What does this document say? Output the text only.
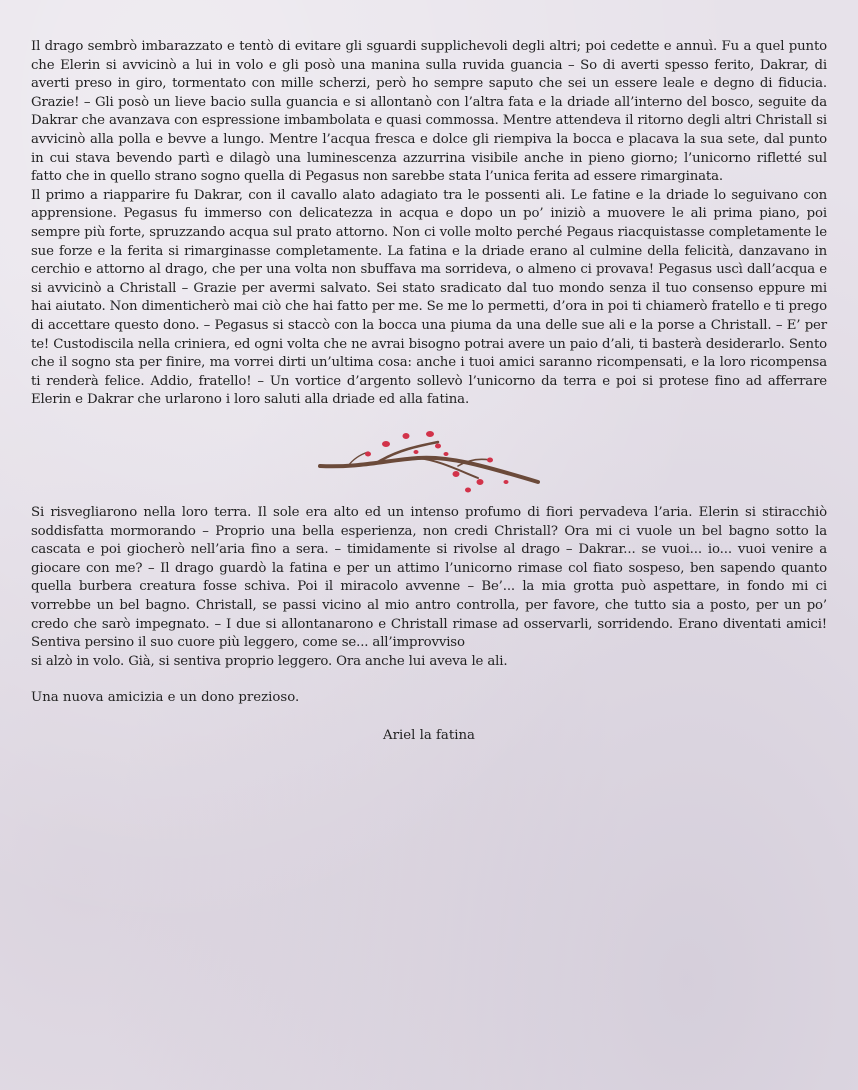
Il drago sembrò imbarazzato e tentò di evitare gli sguardi supplichevoli degli altri; poi cedette e annuì. Fu a quel punto che Elerin si avvicinò a lui in volo e gli posò una manina sulla ruvida guancia – So di averti spesso ferito, Dakrar, di averti preso in giro, tormentato con mille scherzi, però ho sempre saputo che sei un essere leale e degno di fiducia. Grazie! – Gli posò un lieve bacio sulla guancia e si allontanò con l’altra fata e la driade all’interno del bosco, seguite da Dakrar che avanzava con espressione imbambolata e quasi commossa. Mentre attendeva il ritorno degli altri Christall si avvicinò alla polla e bevve a lungo. Mentre l’acqua fresca e dolce gli riempiva la bocca e placava la sua sete, dal punto in cui stava bevendo partì e dilagò una luminescenza azzurrina visibile anche in pieno giorno; l’unicorno rifletté sul fatto che in quello strano sogno quella di Pegasus non sarebbe stata l’unica ferita ad essere rimarginata.

Il primo a riapparire fu Dakrar, con il cavallo alato adagiato tra le possenti ali. Le fatine e la driade lo seguivano con apprensione. Pegasus fu immerso con delicatezza in acqua e dopo un po’ iniziò a muovere le ali prima piano, poi sempre più forte, spruzzando acqua sul prato attorno. Non ci volle molto perché Pegaus riacquistasse completamente le sue forze e la ferita si rimarginasse completamente. La fatina e la driade erano al culmine della felicità, danzavano in cerchio e attorno al drago, che per una volta non sbuffava ma sorrideva, o almeno ci provava! Pegasus uscì dall’acqua e si avvicinò a Christall – Grazie per avermi salvato. Sei stato sradicato dal tuo mondo senza il tuo consenso eppure mi hai aiutato. Non dimenticherò mai ciò che hai fatto per me. Se me lo permetti, d’ora in poi ti chiamerò fratello e ti prego di accettare questo dono. – Pegasus si staccò con la bocca una piuma da una delle sue ali e la porse a Christall. – E’ per te! Custodiscila nella criniera, ed ogni volta che ne avrai bisogno potrai avere un paio d’ali, ti basterà desiderarlo. Sento che il sogno sta per finire, ma vorrei dirti un’ultima cosa: anche i tuoi amici saranno ricompensati, e la loro ricompensa ti renderà felice. Addio, fratello! – Un vortice d’argento sollevò l’unicorno da terra e poi si protese fino ad afferrare Elerin e Dakrar che urlarono i loro saluti alla driade ed alla fatina.

Si risvegliarono nella loro terra. Il sole era alto ed un intenso profumo di fiori pervadeva l’aria. Elerin si stiracchiò soddisfatta mormorando – Proprio una bella esperienza, non credi Christall? Ora mi ci vuole un bel bagno sotto la cascata e poi giocherò nell’aria fino a sera. – timidamente si rivolse al drago – Dakrar... se vuoi... io... vuoi venire a giocare con me? – Il drago guardò la fatina e per un attimo l’unicorno rimase col fiato sospeso, ben sapendo quanto quella burbera creatura fosse schiva. Poi il miracolo avvenne – Be’... la mia grotta può aspettare, in fondo mi ci vorrebbe un bel bagno. Christall, se passi vicino al mio antro controlla, per favore, che tutto sia a posto, per un po’ credo che sarò impegnato. – I due si allontanarono e Christall rimase ad osservarli, sorridendo. Erano diventati amici! Sentiva persino il suo cuore più leggero, come se... all’improvviso

si alzò in volo. Già, si sentiva proprio leggero. Ora anche lui aveva le ali.

Una nuova amicizia e un dono prezioso.
Ariel la fatina
